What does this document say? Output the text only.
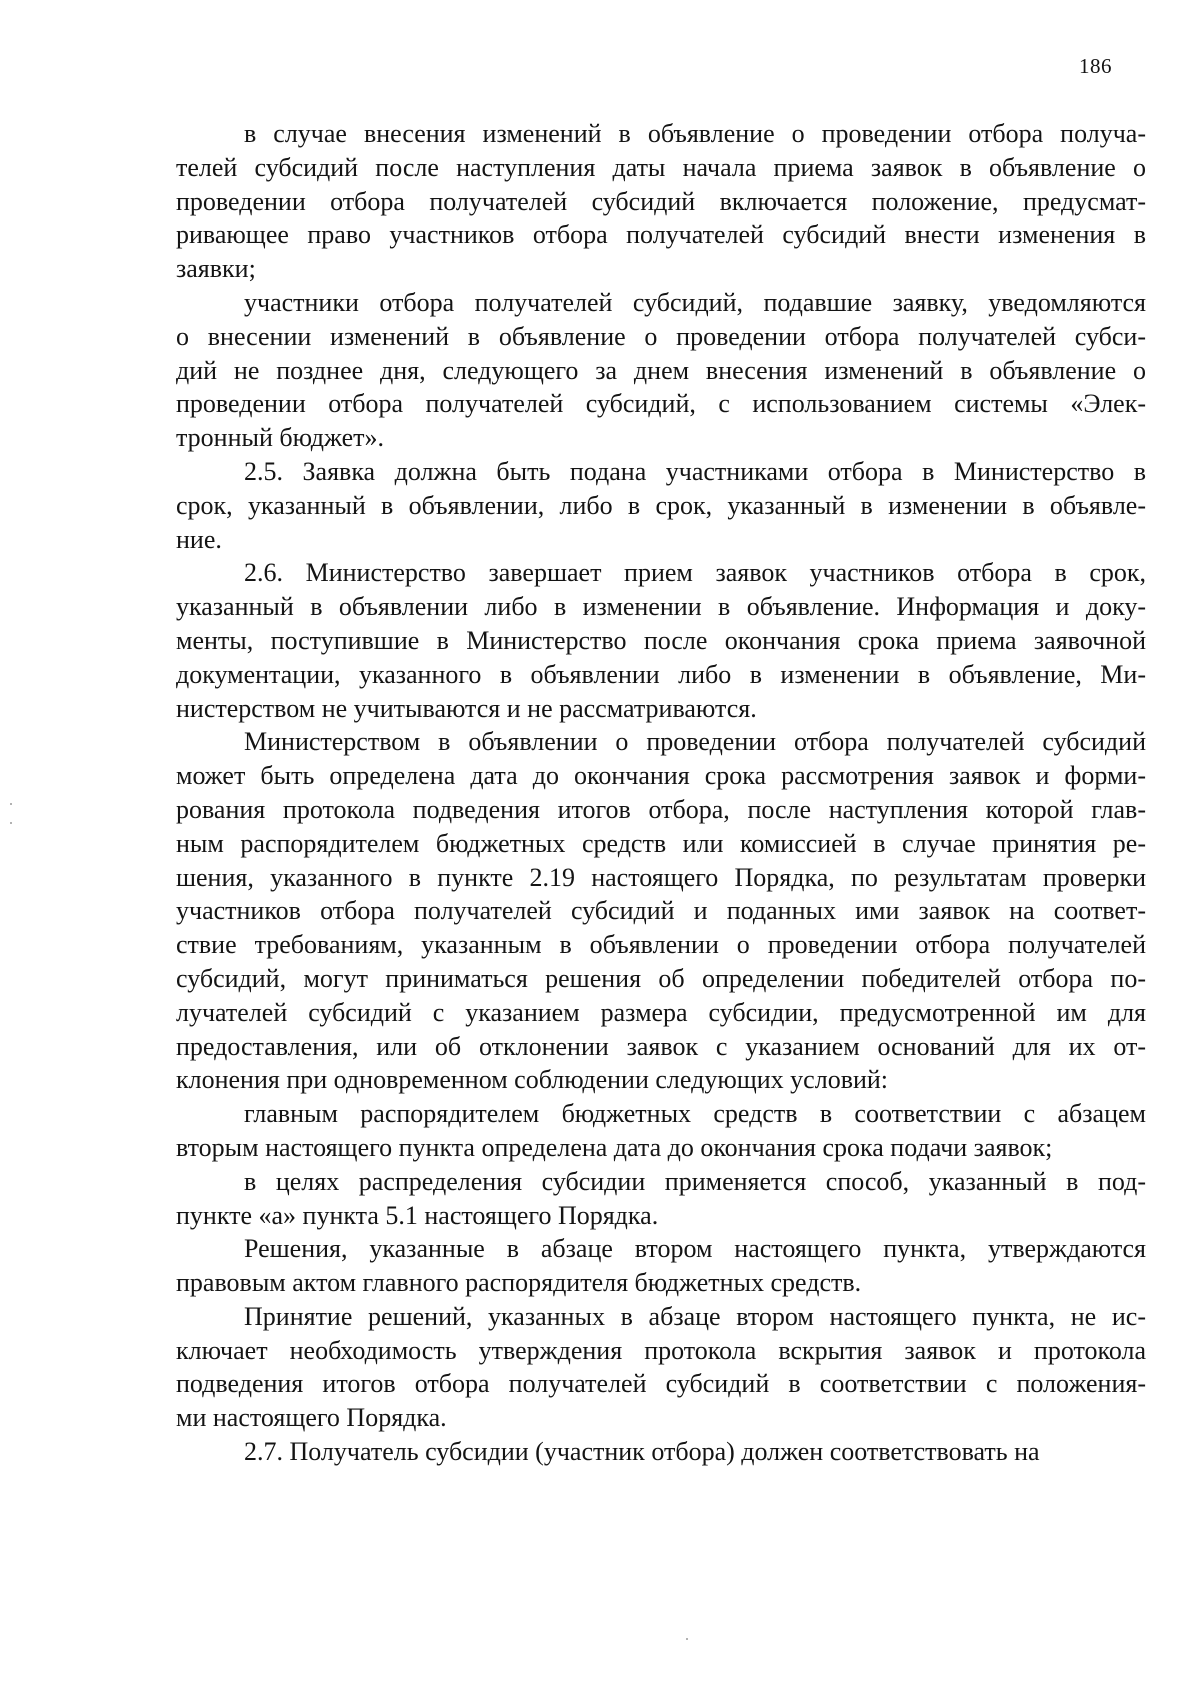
186
в случае внесения изменений в объявление о проведении отбора получа-
телей субсидий после наступления даты начала приема заявок в объявление о
проведении отбора получателей субсидий включается положение, предусмат-
ривающее право участников отбора получателей субсидий внести изменения в
заявки;
участники отбора получателей субсидий, подавшие заявку, уведомляются
о внесении изменений в объявление о проведении отбора получателей субси-
дий не позднее дня, следующего за днем внесения изменений в объявление о
проведении отбора получателей субсидий, с использованием системы «Элек-
тронный бюджет».
2.5. Заявка должна быть подана участниками отбора в Министерство в
срок, указанный в объявлении, либо в срок, указанный в изменении в объявле-
ние.
2.6. Министерство завершает прием заявок участников отбора в срок,
указанный в объявлении либо в изменении в объявление. Информация и доку-
менты, поступившие в Министерство после окончания срока приема заявочной
документации, указанного в объявлении либо в изменении в объявление, Ми-
нистерством не учитываются и не рассматриваются.
Министерством в объявлении о проведении отбора получателей субсидий
может быть определена дата до окончания срока рассмотрения заявок и форми-
рования протокола подведения итогов отбора, после наступления которой глав-
ным распорядителем бюджетных средств или комиссией в случае принятия ре-
шения, указанного в пункте 2.19 настоящего Порядка, по результатам проверки
участников отбора получателей субсидий и поданных ими заявок на соответ-
ствие требованиям, указанным в объявлении о проведении отбора получателей
субсидий, могут приниматься решения об определении победителей отбора по-
лучателей субсидий с указанием размера субсидии, предусмотренной им для
предоставления, или об отклонении заявок с указанием оснований для их от-
клонения при одновременном соблюдении следующих условий:
главным распорядителем бюджетных средств в соответствии с абзацем
вторым настоящего пункта определена дата до окончания срока подачи заявок;
в целях распределения субсидии применяется способ, указанный в под-
пункте «а» пункта 5.1 настоящего Порядка.
Решения, указанные в абзаце втором настоящего пункта, утверждаются
правовым актом главного распорядителя бюджетных средств.
Принятие решений, указанных в абзаце втором настоящего пункта, не ис-
ключает необходимость утверждения протокола вскрытия заявок и протокола
подведения итогов отбора получателей субсидий в соответствии с положения-
ми настоящего Порядка.
2.7. Получатель субсидии (участник отбора) должен соответствовать на
